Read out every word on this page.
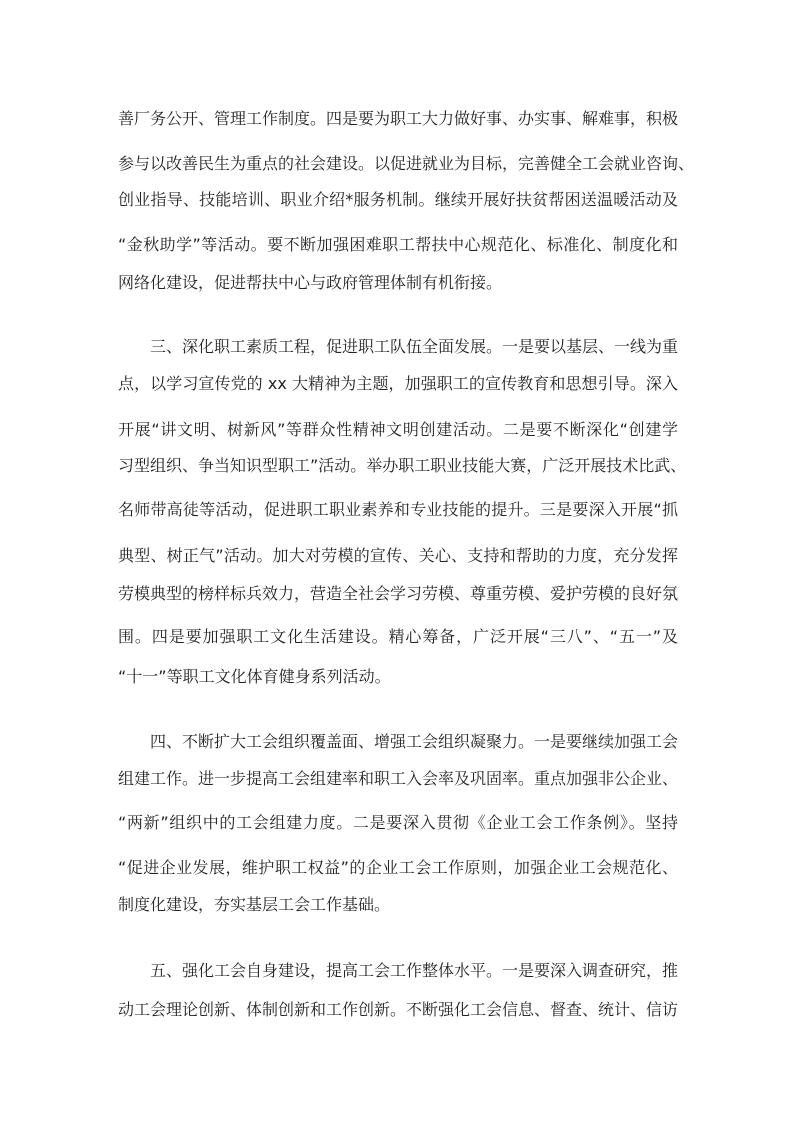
善厂务公开、管理工作制度。四是要为职工大力做好事、办实事、解难事，积极
参与以改善民生为重点的社会建设。以促进就业为目标，完善健全工会就业咨询、
创业指导、技能培训、职业介绍*服务机制。继续开展好扶贫帮困送温暖活动及
“金秋助学”等活动。要不断加强困难职工帮扶中心规范化、标准化、制度化和
网络化建设，促进帮扶中心与政府管理体制有机衔接。
三、深化职工素质工程，促进职工队伍全面发展。一是要以基层、一线为重
点，以学习宣传党的 xx 大精神为主题，加强职工的宣传教育和思想引导。深入
开展“讲文明、树新风”等群众性精神文明创建活动。二是要不断深化“创建学
习型组织、争当知识型职工”活动。举办职工职业技能大赛，广泛开展技术比武、
名师带高徒等活动，促进职工职业素养和专业技能的提升。三是要深入开展“抓
典型、树正气”活动。加大对劳模的宣传、关心、支持和帮助的力度，充分发挥
劳模典型的榜样标兵效力，营造全社会学习劳模、尊重劳模、爱护劳模的良好氛
围。四是要加强职工文化生活建设。精心筹备，广泛开展“三八”、“五一”及
“十一”等职工文化体育健身系列活动。
四、不断扩大工会组织覆盖面、增强工会组织凝聚力。一是要继续加强工会
组建工作。进一步提高工会组建率和职工入会率及巩固率。重点加强非公企业、
“两新”组织中的工会组建力度。二是要深入贯彻《企业工会工作条例》。坚持
“促进企业发展，维护职工权益”的企业工会工作原则，加强企业工会规范化、
制度化建设，夯实基层工会工作基础。
五、强化工会自身建设，提高工会工作整体水平。一是要深入调查研究，推
动工会理论创新、体制创新和工作创新。不断强化工会信息、督查、统计、信访
